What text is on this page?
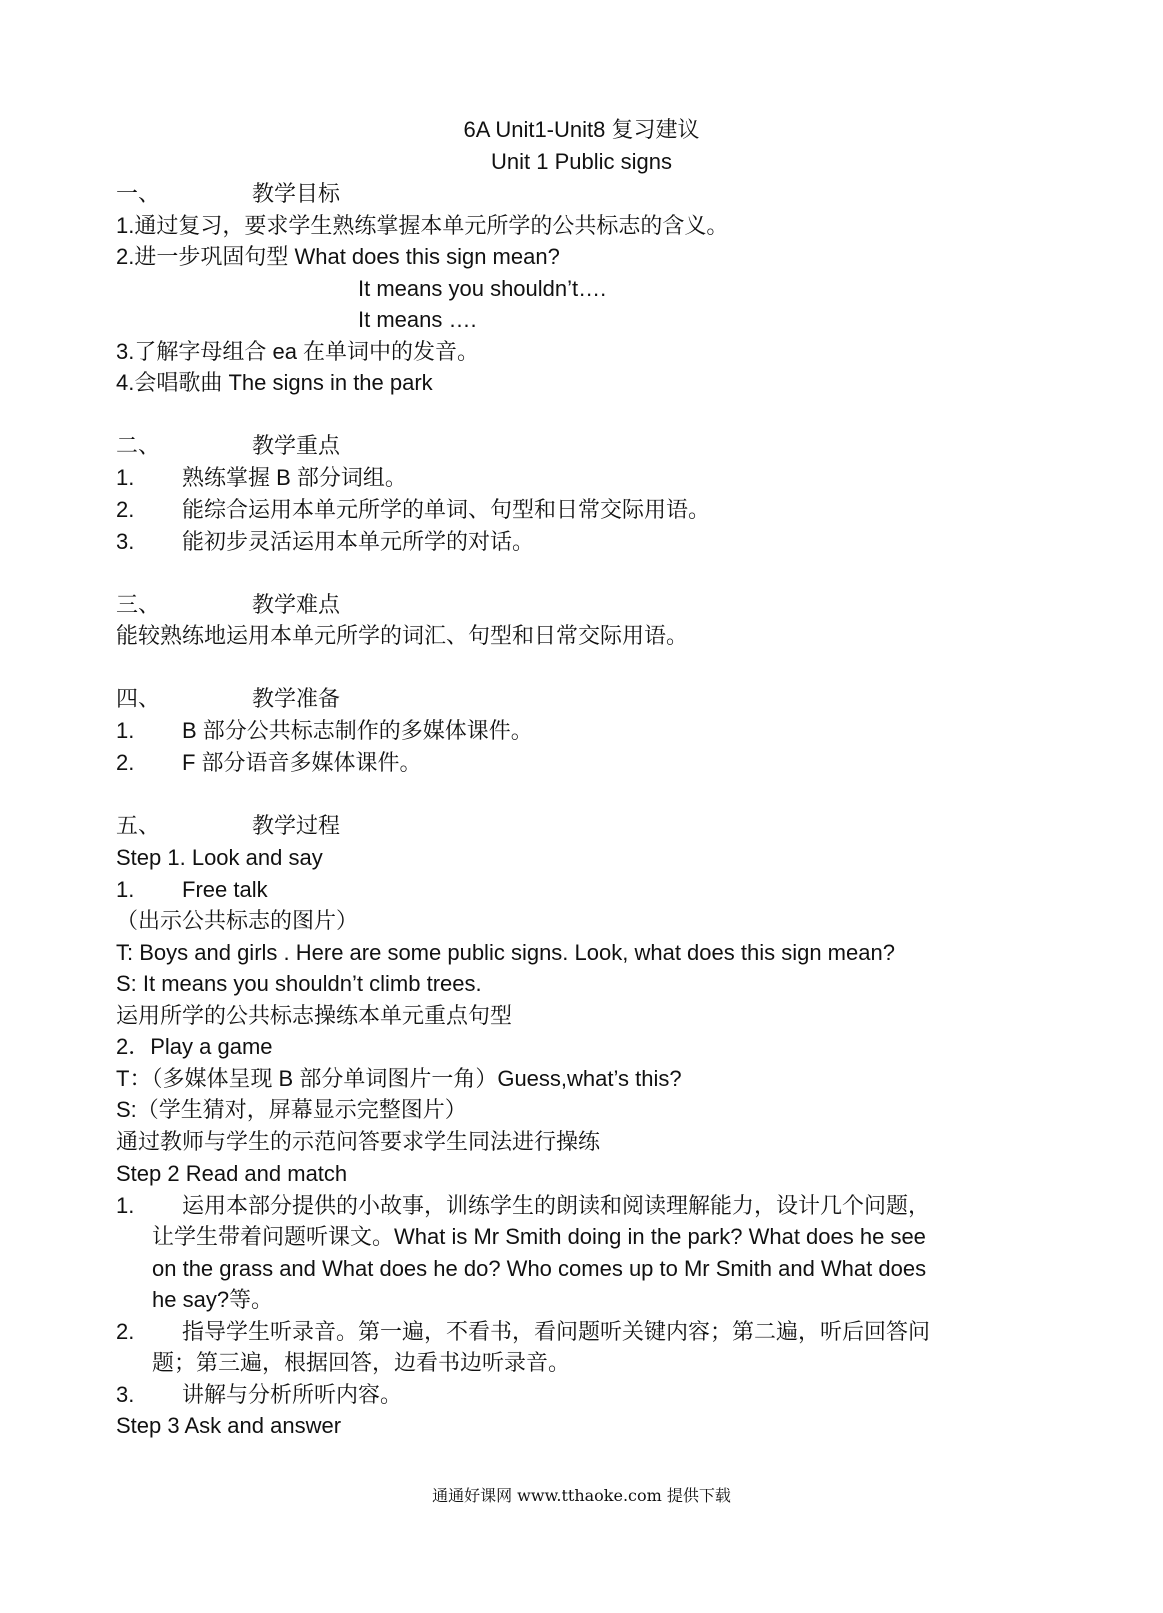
6A Unit1-Unit8 复习建议
Unit 1 Public signs
一、	教学目标
1.通过复习，要求学生熟练掌握本单元所学的公共标志的含义。
2.进一步巩固句型 What does this sign mean?
It means you shouldn’t….
It means ….
3.了解字母组合 ea 在单词中的发音。
4.会唱歌曲 The signs in the park
二、	教学重点
1. 熟练掌握 B 部分词组。
2. 能综合运用本单元所学的单词、句型和日常交际用语。
3. 能初步灵活运用本单元所学的对话。
三、	教学难点
能较熟练地运用本单元所学的词汇、句型和日常交际用语。
四、	教学准备
1. B 部分公共标志制作的多媒体课件。
2. F 部分语音多媒体课件。
五、	教学过程
Step 1. Look and say
1. Free talk
（出示公共标志的图片）
T: Boys and girls . Here are some public signs. Look, what does this sign mean?
S: It means you shouldn’t climb trees.
运用所学的公共标志操练本单元重点句型
2．Play a game
T：（多媒体呈现 B 部分单词图片一角）Guess,what’s this?
S:（学生猜对，屏幕显示完整图片）
通过教师与学生的示范问答要求学生同法进行操练
Step 2 Read and match
1. 运用本部分提供的小故事，训练学生的朗读和阅读理解能力，设计几个问题，
让学生带着问题听课文。What is Mr Smith doing in the park? What does he see
on the grass and What does he do? Who comes up to Mr Smith and What does
he say?等。
2. 指导学生听录音。第一遍，不看书，看问题听关键内容；第二遍，听后回答问
题；第三遍，根据回答，边看书边听录音。
3. 讲解与分析所听内容。
Step 3 Ask and answer
通通好课网 www.tthaoke.com 提供下载
